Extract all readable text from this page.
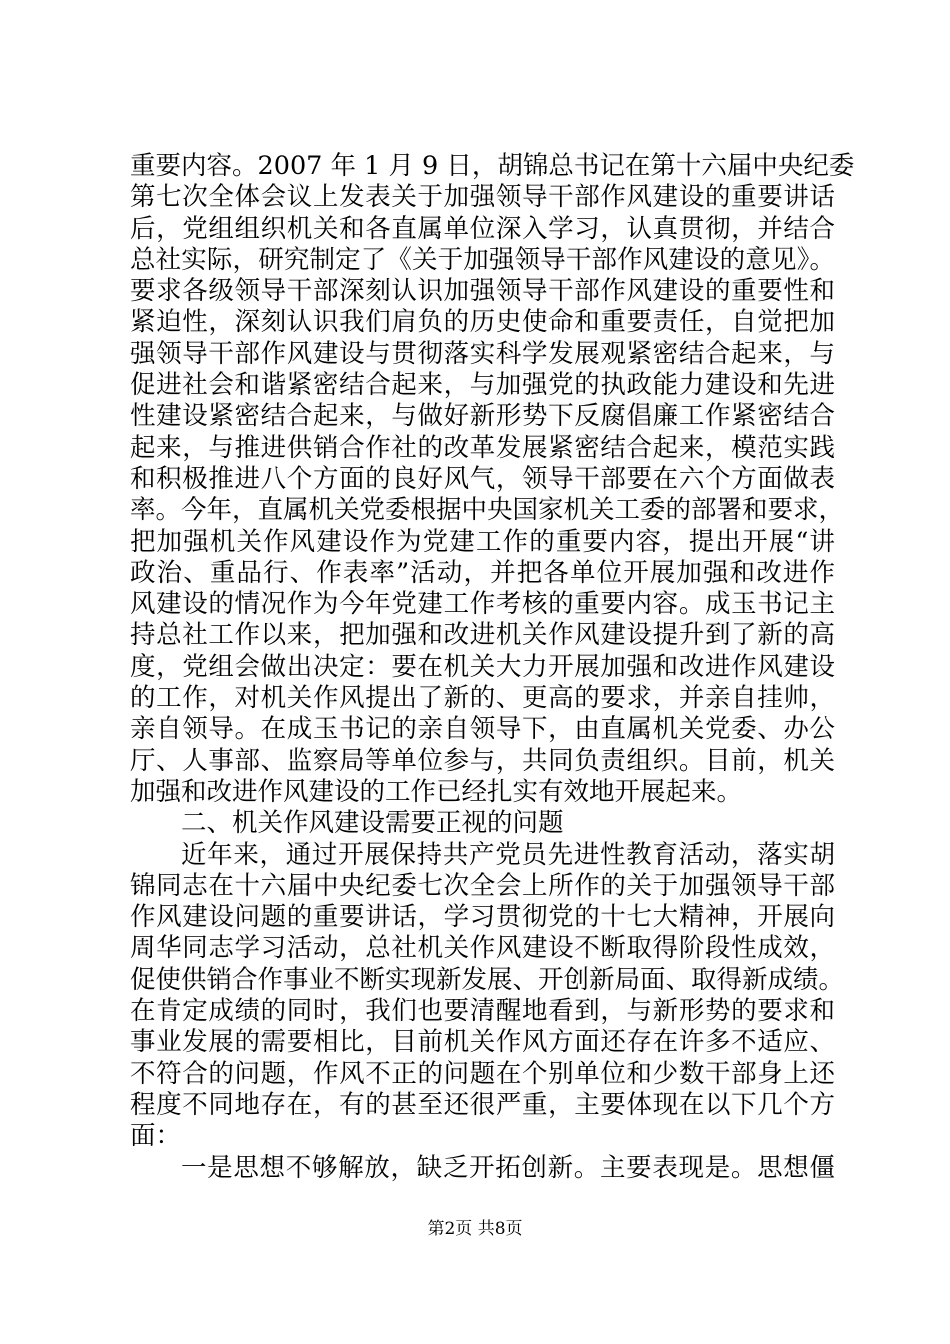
重要内容。2007 年 1 月 9 日，胡锦总书记在第十六届中央纪委
第七次全体会议上发表关于加强领导干部作风建设的重要讲话
后，党组组织机关和各直属单位深入学习，认真贯彻，并结合
总社实际，研究制定了《关于加强领导干部作风建设的意见》。
要求各级领导干部深刻认识加强领导干部作风建设的重要性和
紧迫性，深刻认识我们肩负的历史使命和重要责任，自觉把加
强领导干部作风建设与贯彻落实科学发展观紧密结合起来，与
促进社会和谐紧密结合起来，与加强党的执政能力建设和先进
性建设紧密结合起来，与做好新形势下反腐倡廉工作紧密结合
起来，与推进供销合作社的改革发展紧密结合起来，模范实践
和积极推进八个方面的良好风气，领导干部要在六个方面做表
率。今年，直属机关党委根据中央国家机关工委的部署和要求，
把加强机关作风建设作为党建工作的重要内容，提出开展“讲
政治、重品行、作表率”活动，并把各单位开展加强和改进作
风建设的情况作为今年党建工作考核的重要内容。成玉书记主
持总社工作以来，把加强和改进机关作风建设提升到了新的高
度，党组会做出决定：要在机关大力开展加强和改进作风建设
的工作，对机关作风提出了新的、更高的要求，并亲自挂帅，
亲自领导。在成玉书记的亲自领导下，由直属机关党委、办公
厅、人事部、监察局等单位参与，共同负责组织。目前，机关
加强和改进作风建设的工作已经扎实有效地开展起来。
二、机关作风建设需要正视的问题
近年来，通过开展保持共产党员先进性教育活动，落实胡
锦同志在十六届中央纪委七次全会上所作的关于加强领导干部
作风建设问题的重要讲话，学习贯彻党的十七大精神，开展向
周华同志学习活动，总社机关作风建设不断取得阶段性成效，
促使供销合作事业不断实现新发展、开创新局面、取得新成绩。
在肯定成绩的同时，我们也要清醒地看到，与新形势的要求和
事业发展的需要相比，目前机关作风方面还存在许多不适应、
不符合的问题，作风不正的问题在个别单位和少数干部身上还
程度不同地存在，有的甚至还很严重，主要体现在以下几个方
面：
一是思想不够解放，缺乏开拓创新。主要表现是。思想僵
第2页 共8页
